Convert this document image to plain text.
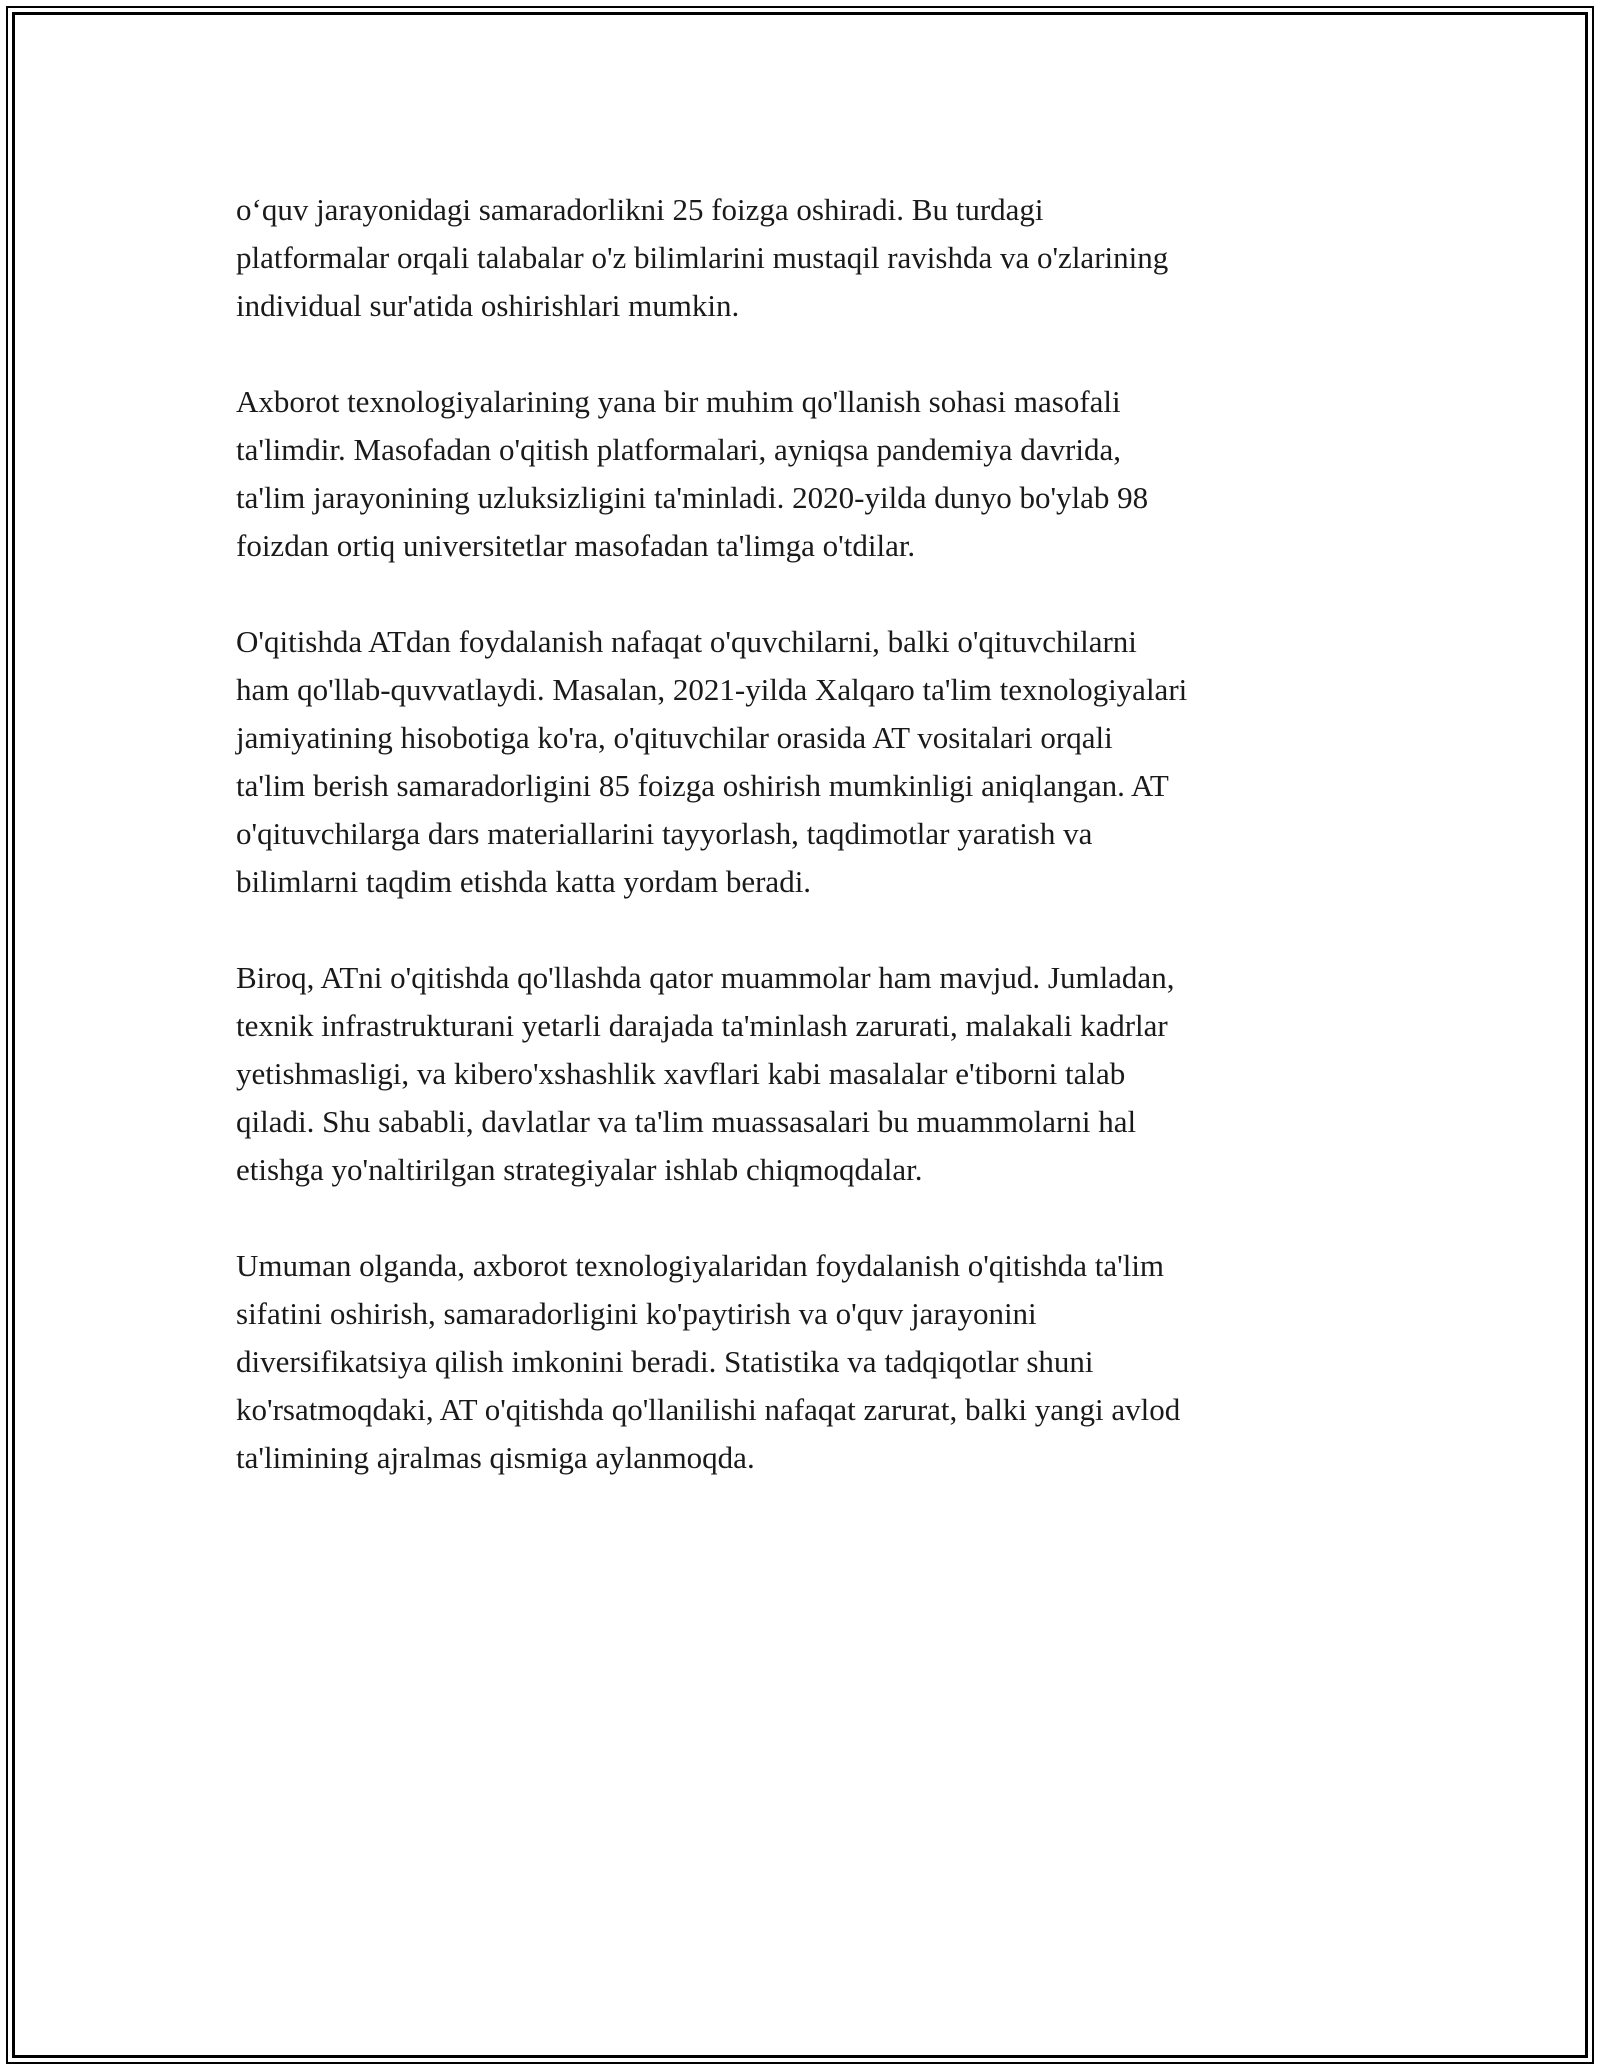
o‘quv jarayonidagi samaradorlikni 25 foizga oshiradi. Bu turdagi
platformalar orqali talabalar o'z bilimlarini mustaqil ravishda va o'zlarining
individual sur'atida oshirishlari mumkin.

Axborot texnologiyalarining yana bir muhim qo'llanish sohasi masofali
ta'limdir. Masofadan o'qitish platformalari, ayniqsa pandemiya davrida,
ta'lim jarayonining uzluksizligini ta'minladi. 2020-yilda dunyo bo'ylab 98
foizdan ortiq universitetlar masofadan ta'limga o'tdilar.

O'qitishda ATdan foydalanish nafaqat o'quvchilarni, balki o'qituvchilarni
ham qo'llab-quvvatlaydi. Masalan, 2021-yilda Xalqaro ta'lim texnologiyalari
jamiyatining hisobotiga ko'ra, o'qituvchilar orasida AT vositalari orqali
ta'lim berish samaradorligini 85 foizga oshirish mumkinligi aniqlangan. AT
o'qituvchilarga dars materiallarini tayyorlash, taqdimotlar yaratish va
bilimlarni taqdim etishda katta yordam beradi.

Biroq, ATni o'qitishda qo'llashda qator muammolar ham mavjud. Jumladan,
texnik infrastrukturani yetarli darajada ta'minlash zarurati, malakali kadrlar
yetishmasligi, va kibero'xshashlik xavflari kabi masalalar e'tiborni talab
qiladi. Shu sababli, davlatlar va ta'lim muassasalari bu muammolarni hal
etishga yo'naltirilgan strategiyalar ishlab chiqmoqdalar.

Umuman olganda, axborot texnologiyalaridan foydalanish o'qitishda ta'lim
sifatini oshirish, samaradorligini ko'paytirish va o'quv jarayonini
diversifikatsiya qilish imkonini beradi. Statistika va tadqiqotlar shuni
ko'rsatmoqdaki, AT o'qitishda qo'llanilishi nafaqat zarurat, balki yangi avlod
ta'limining ajralmas qismiga aylanmoqda.
